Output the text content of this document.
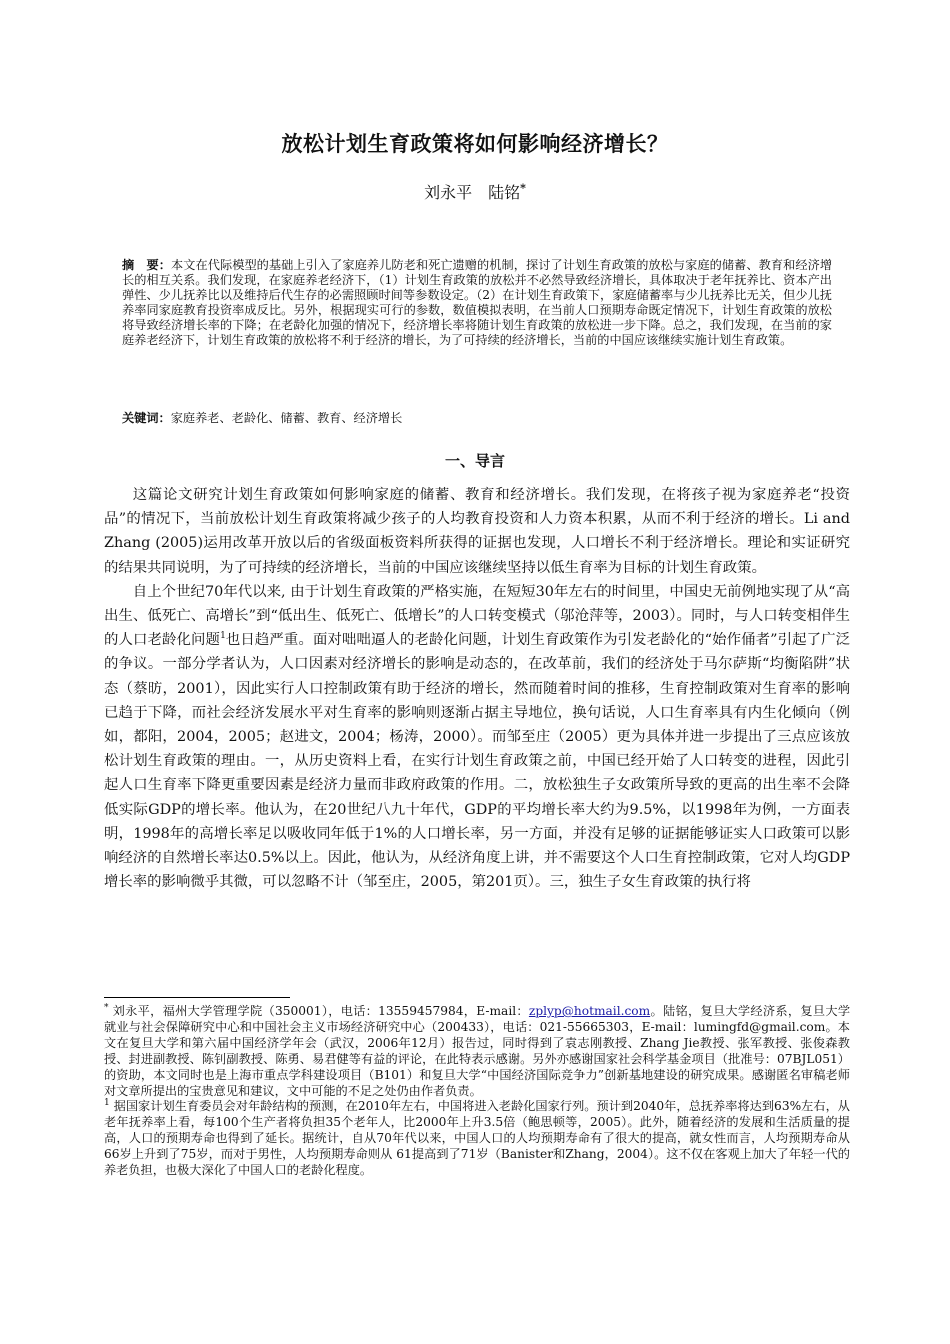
放松计划生育政策将如何影响经济增长？
刘永平　陆铭*
摘　要：本文在代际模型的基础上引入了家庭养儿防老和死亡遗赠的机制，探讨了计划生育政策的放松与家庭的储蓄、教育和经济增长的相互关系。我们发现，在家庭养老经济下，（1）计划生育政策的放松并不必然导致经济增长，具体取决于老年抚养比、资本产出弹性、少儿抚养比以及维持后代生存的必需照顾时间等参数设定。（2）在计划生育政策下，家庭储蓄率与少儿抚养比无关，但少儿抚养率同家庭教育投资率成反比。另外，根据现实可行的参数，数值模拟表明，在当前人口预期寿命既定情况下，计划生育政策的放松将导致经济增长率的下降；在老龄化加强的情况下，经济增长率将随计划生育政策的放松进一步下降。总之，我们发现，在当前的家庭养老经济下，计划生育政策的放松将不利于经济的增长，为了可持续的经济增长，当前的中国应该继续实施计划生育政策。
关键词：家庭养老、老龄化、储蓄、教育、经济增长
一、导言

这篇论文研究计划生育政策如何影响家庭的储蓄、教育和经济增长。我们发现，在将孩子视为家庭养老“投资品”的情况下，当前放松计划生育政策将减少孩子的人均教育投资和人力资本积累，从而不利于经济的增长。Li and Zhang (2005)运用改革开放以后的省级面板资料所获得的证据也发现，人口增长不利于经济增长。理论和实证研究的结果共同说明，为了可持续的经济增长，当前的中国应该继续坚持以低生育率为目标的计划生育政策。

自上个世纪70年代以来, 由于计划生育政策的严格实施，在短短30年左右的时间里，中国史无前例地实现了从“高出生、低死亡、高增长”到“低出生、低死亡、低增长”的人口转变模式（邬沧萍等，2003）。同时，与人口转变相伴生的人口老龄化问题$^1$也日趋严重。面对咄咄逼人的老龄化问题，计划生育政策作为引发老龄化的“始作俑者”引起了广泛的争议。一部分学者认为，人口因素对经济增长的影响是动态的，在改革前，我们的经济处于马尔萨斯“均衡陷阱”状态（蔡昉，2001），因此实行人口控制政策有助于经济的增长，然而随着时间的推移，生育控制政策对生育率的影响已趋于下降，而社会经济发展水平对生育率的影响则逐渐占据主导地位，换句话说，人口生育率具有内生化倾向（例如，都阳，2004，2005；赵进文，2004；杨涛，2000）。而邹至庄（2005）更为具体并进一步提出了三点应该放松计划生育政策的理由。一，从历史资料上看，在实行计划生育政策之前，中国已经开始了人口转变的进程，因此引起人口生育率下降更重要因素是经济力量而非政府政策的作用。二，放松独生子女政策所导致的更高的出生率不会降低实际GDP的增长率。他认为，在20世纪八九十年代，GDP的平均增长率大约为9.5%，以1998年为例，一方面表明，1998年的高增长率足以吸收同年低于1%的人口增长率，另一方面，并没有足够的证据能够证实人口政策可以影响经济的自然增长率达0.5%以上。因此，他认为，从经济角度上讲，并不需要这个人口生育控制政策，它对人均GDP增长率的影响微乎其微，可以忽略不计（邹至庄，2005，第201页）。三，独生子女生育政策的执行将

* 刘永平，福州大学管理学院（350001），电话：13559457984，E-mail：zplyp@hotmail.com。陆铭，复旦大学经济系，复旦大学就业与社会保障研究中心和中国社会主义市场经济研究中心（200433），电话：021-55665303，E-mail：lumingfd@gmail.com。本文在复旦大学和第六届中国经济学年会（武汉，2006年12月）报告过，同时得到了袁志刚教授、Zhang Jie教授、张军教授、张俊森教授、封进副教授、陈钊副教授、陈勇、易君健等有益的评论，在此特表示感谢。另外亦感谢国家社会科学基金项目（批准号：07BJL051）的资助，本文同时也是上海市重点学科建设项目（B101）和复旦大学“中国经济国际竞争力”创新基地建设的研究成果。感谢匿名审稿老师对文章所提出的宝贵意见和建议，文中可能的不足之处仍由作者负责。

$^1$ 据国家计划生育委员会对年龄结构的预测，在2010年左右，中国将进入老龄化国家行列。预计到2040年，总抚养率将达到63%左右，从老年抚养率上看，每100个生产者将负担35个老年人，比2000年上升3.5倍（鲍思顿等，2005）。此外，随着经济的发展和生活质量的提高，人口的预期寿命也得到了延长。据统计，自从70年代以来，中国人口的人均预期寿命有了很大的提高，就女性而言，人均预期寿命从66岁上升到了75岁，而对于男性，人均预期寿命则从 61提高到了71岁（Banister和Zhang，2004）。这不仅在客观上加大了年轻一代的养老负担，也极大深化了中国人口的老龄化程度。
